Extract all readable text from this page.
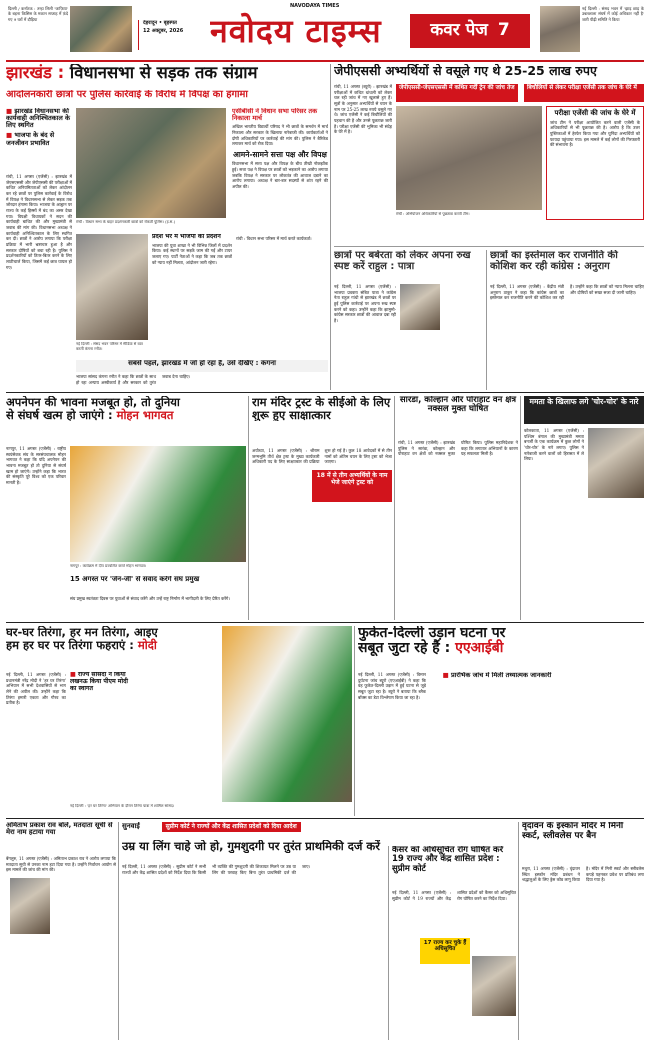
दिल्ली / कर्नाटक : तन्हा लिली 'जाफ़िया' के बहना किसिस के मकान सप्ताह में फ़ंदे गए 9 घरों में दौड़िया
देहरादून • बृहस्पत
12 अक्टूबर, 2026
NAVODAYA TIMES
नवोदय टाइम्स	कवर पेज 7
नई दिल्ली : संसद भवन में 'झाड़ छाड़ के उन्नतशाला संघर्ष में कोई अधिकार नहीं है' जारी पीढ़ी समिति ने किया
झारखंड : विधानसभा से सड़क तक संग्राम
आंदोलनकारी छात्रों पर पुलिस कार्रवाई के विरोध में विपक्ष का हंगामा
■ झारखंड विधानसभा की कार्यवाही अनिश्चितकाल के लिए स्थगित
■ भाजपा के बंद से जनजीवन प्रभावित
रांची, 11 अगस्त (एजेंसी) : झारखंड में जेएसएससी और जेपीएससी की परीक्षाओं में कथित अनियमितताओं को लेकर आंदोलन कर रहे छात्रों पर पुलिस कार्रवाई के विरोध में विपक्ष ने विधानसभा से लेकर सड़क तक जोरदार हंगामा किया। भाजपा के आह्वान पर राज्य के कई हिस्सों में बंद का असर देखा गया। विपक्षी विधायकों ने सदन की कार्यवाही बाधित की और मुख्यमंत्री से जवाब की मांग की। विधानसभा अध्यक्ष ने कार्यवाही अनिश्चितकाल के लिए स्थगित कर दी। छात्रों ने आरोप लगाया कि परीक्षा प्रक्रिया में भारी भ्रष्टाचार हुआ है और सरकार दोषियों को बचा रही है। पुलिस ने प्रदर्शनकारियों को तितर-बितर करने के लिए लाठीचार्ज किया, जिसमें कई छात्र घायल हो गए।
रांची : विधान सभा के बाहर प्रदर्शनकारी छात्रों को रोकती पुलिस। (ह.स.)
एसीबीसी ने विधान सभा परिसर तक निकाला मार्च
अखिल भारतीय विद्यार्थी परिषद ने भी छात्रों के समर्थन में मार्च निकाला और सरकार के खिलाफ नारेबाजी की। कार्यकर्ताओं ने दोषी अधिकारियों पर कार्रवाई की मांग की। पुलिस ने बैरिकेड लगाकर मार्च को रोक दिया।
आमने-सामने सत्ता पक्ष और विपक्ष
विधानसभा में सत्ता पक्ष और विपक्ष के बीच तीखी नोकझोंक हुई। सत्ता पक्ष ने विपक्ष पर छात्रों को भड़काने का आरोप लगाया जबकि विपक्ष ने सरकार पर लोकतंत्र की आवाज दबाने का आरोप लगाया। अध्यक्ष ने बार-बार सदस्यों से शांत रहने की अपील की।
प्रदेश भर में भाजपा का प्रदर्शन
भाजपा की युवा शाखा ने भी विभिन्न जिलों में प्रदर्शन किया। कई स्थानों पर सड़कें जाम की गईं और टायर जलाए गए। पार्टी नेताओं ने कहा कि जब तक छात्रों को न्याय नहीं मिलता, आंदोलन जारी रहेगा।
नई दिल्ली : संसद भवन परिसर में मीडिया से बात करतीं कंगना रनौत।
रांची : विधान सभा परिसर में मार्च करते कार्यकर्ता।
सबसे पहले, झारखंड में जो हो रहा है, उसे देखिए : कंगना
भाजपा सांसद कंगना रनौत ने कहा कि छात्रों के साथ हो रहा अन्याय अस्वीकार्य है और सरकार को तुरंत जवाब देना चाहिए।
जेपीएससी अभ्यर्थियों से वसूले गए थे 25-25 लाख रुपए
जेपीएससी-जेएसएससी में कथित गर्दी ट्रेन की जांच तेज	बिचौलियों से लेकर परीक्षा एजेंसी तक जांच के घेरे में
रांची, 11 अगस्त (ब्यूरो) : झारखंड में परीक्षाओं में कथित धांधली को लेकर चल रही जांच में नए खुलासे हुए हैं। सूत्रों के अनुसार अभ्यर्थियों से चयन के नाम पर 25-25 लाख रुपये वसूले गए थे। जांच एजेंसी ने कई बिचौलियों की पहचान की है और उनसे पूछताछ जारी है। परीक्षा एजेंसी की भूमिका भी संदेह के घेरे में है।
रांची : अभियोजन अधिकारियों से पूछताछ करती टीम।
परीक्षा एजेंसी की जांच के घेरे में
जांच टीम ने परीक्षा आयोजित करने वाली एजेंसी के अधिकारियों से भी पूछताछ की है। आरोप है कि उत्तर पुस्तिकाओं में हेरफेर किया गया और चुनिंदा अभ्यर्थियों को फायदा पहुंचाया गया। इस मामले में कई लोगों की गिरफ्तारी की संभावना है।
छात्रों पर बर्बरता को लेकर अपना रुख स्पष्ट करें राहुल : पात्रा
नई दिल्ली, 11 अगस्त (एजेंसी) : भाजपा प्रवक्ता संबित पात्रा ने कांग्रेस नेता राहुल गांधी से झारखंड में छात्रों पर हुई पुलिस कार्रवाई पर अपना रुख स्पष्ट करने को कहा। उन्होंने कहा कि झामुमो-कांग्रेस सरकार छात्रों की आवाज दबा रही है।
छात्रों का इस्तेमाल कर राजनीति की कोशिश कर रही कांग्रेस : अनुराग
नई दिल्ली, 11 अगस्त (एजेंसी) : केंद्रीय मंत्री अनुराग ठाकुर ने कहा कि कांग्रेस छात्रों का इस्तेमाल कर राजनीति करने की कोशिश कर रही है। उन्होंने कहा कि छात्रों को न्याय मिलना चाहिए और दोषियों को सख्त सजा दी जानी चाहिए।
अपनेपन की भावना मजबूत हो, तो दुनिया
से संघर्ष खत्म हो जाएंगे : मोहन भागवत
नागपुर, 11 अगस्त (एजेंसी) : राष्ट्रीय स्वयंसेवक संघ के सरसंघचालक मोहन भागवत ने कहा कि यदि अपनेपन की भावना मजबूत हो तो दुनिया से संघर्ष खत्म हो जाएंगे। उन्होंने कहा कि भारत की संस्कृति पूरे विश्व को एक परिवार मानती है।
नागपुर : कार्यक्रम में दीप प्रज्वलित करते मोहन भागवत।
15 अगस्त पर 'जेन-जी' से संवाद करेंगे संघ प्रमुख
संघ प्रमुख स्वतंत्रता दिवस पर युवाओं से संवाद करेंगे और उन्हें राष्ट्र निर्माण में भागीदारी के लिए प्रेरित करेंगे।
राम मंदिर ट्रस्ट के सीईओ के लिए शुरू हुए साक्षात्कार
अयोध्या, 11 अगस्त (एजेंसी) : श्रीराम जन्मभूमि तीर्थ क्षेत्र ट्रस्ट के मुख्य कार्यकारी अधिकारी पद के लिए साक्षात्कार की प्रक्रिया शुरू हो गई है। कुल 18 आवेदकों में से तीन नामों को अंतिम चयन के लिए ट्रस्ट को भेजा जाएगा।
18 में से तीन अभ्यर्थियों के नाम भेजे जाएंगे ट्रस्ट को
सारंडा, कोल्हान और पोराहाट वन क्षेत्र नक्सल मुक्त घोषित
रांची, 11 अगस्त (एजेंसी) : झारखंड पुलिस ने सारंडा, कोल्हान और पोराहाट वन क्षेत्रों को नक्सल मुक्त घोषित किया। पुलिस महानिदेशक ने कहा कि लगातार अभियानों के कारण यह सफलता मिली है।
ममता के खिलाफ लगे 'चोर-चोर' के नारे
कोलकाता, 11 अगस्त (एजेंसी) : पश्चिम बंगाल की मुख्यमंत्री ममता बनर्जी के एक कार्यक्रम में कुछ लोगों ने 'चोर-चोर' के नारे लगाए। पुलिस ने नारेबाजी करने वालों को हिरासत में ले लिया।
घर-घर तिरंगा, हर मन तिरंगा, आइए
हम हर घर पर तिरंगा फहराएं : मोदी
नई दिल्ली, 11 अगस्त (एजेंसी) : प्रधानमंत्री नरेंद्र मोदी ने 'हर घर तिरंगा' अभियान में सभी देशवासियों से भाग लेने की अपील की। उन्होंने कहा कि तिरंगा हमारी एकता और गौरव का प्रतीक है।
■ राज्य सांसदों ने किया लखनऊ किया पीएम मोदी का स्वागत
नई दिल्ली : 'हर घर तिरंगा' अभियान के दौरान तिरंगा यात्रा में शामिल सांसद।
फुकेत-दिल्ली उड़ान घटना पर
सबूत जुटा रहे हैं : एएआईबी
नई दिल्ली, 11 अगस्त (एजेंसी) : विमान दुर्घटना जांच ब्यूरो (एएआईबी) ने कहा कि वह फुकेत-दिल्ली उड़ान में हुई घटना से जुड़े सबूत जुटा रहा है। ब्यूरो ने बताया कि ब्लैक बॉक्स का डेटा विश्लेषण किया जा रहा है।
■ प्रारंभिक जांच में मिली तथ्यात्मक जानकारी
अमिताभ प्रकाश राव बोले, मतदाता सूची से मेरा नाम हटाया गया
बेंगलुरु, 11 अगस्त (एजेंसी) : अमिताभ प्रकाश राव ने आरोप लगाया कि मतदाता सूची से उनका नाम हटा दिया गया है। उन्होंने निर्वाचन आयोग से इस मामले की जांच की मांग की।
सुनवाई	सुप्रीम कोर्ट ने राज्यों और केंद्र शासित प्रदेशों को दिया आदेश
उम्र या लिंग चाहे जो हो, गुमशुदगी पर तुरंत प्राथमिकी दर्ज करें
नई दिल्ली, 11 अगस्त (एजेंसी) : सुप्रीम कोर्ट ने सभी राज्यों और केंद्र शासित प्रदेशों को निर्देश दिया कि किसी भी व्यक्ति की गुमशुदगी की शिकायत मिलने पर उम्र या लिंग की परवाह किए बिना तुरंत प्राथमिकी दर्ज की जाए।
कैंसर को अधिसूचित रोग घोषित करें 19 राज्य और केंद्र शासित प्रदेश : सुप्रीम कोर्ट
नई दिल्ली, 11 अगस्त (एजेंसी) : सुप्रीम कोर्ट ने 19 राज्यों और केंद्र शासित प्रदेशों को कैंसर को अधिसूचित रोग घोषित करने का निर्देश दिया।
17 राज्य कर चुके हैं अधिसूचित
वृंदावन के इस्कॉन मंदिर में मिनी स्कर्ट, स्लीवलेस पर बैन
मथुरा, 11 अगस्त (एजेंसी) : वृंदावन स्थित इस्कॉन मंदिर प्रबंधन ने श्रद्धालुओं के लिए ड्रेस कोड लागू किया है। मंदिर में मिनी स्कर्ट और स्लीवलेस कपड़े पहनकर प्रवेश पर प्रतिबंध लगा दिया गया है।
